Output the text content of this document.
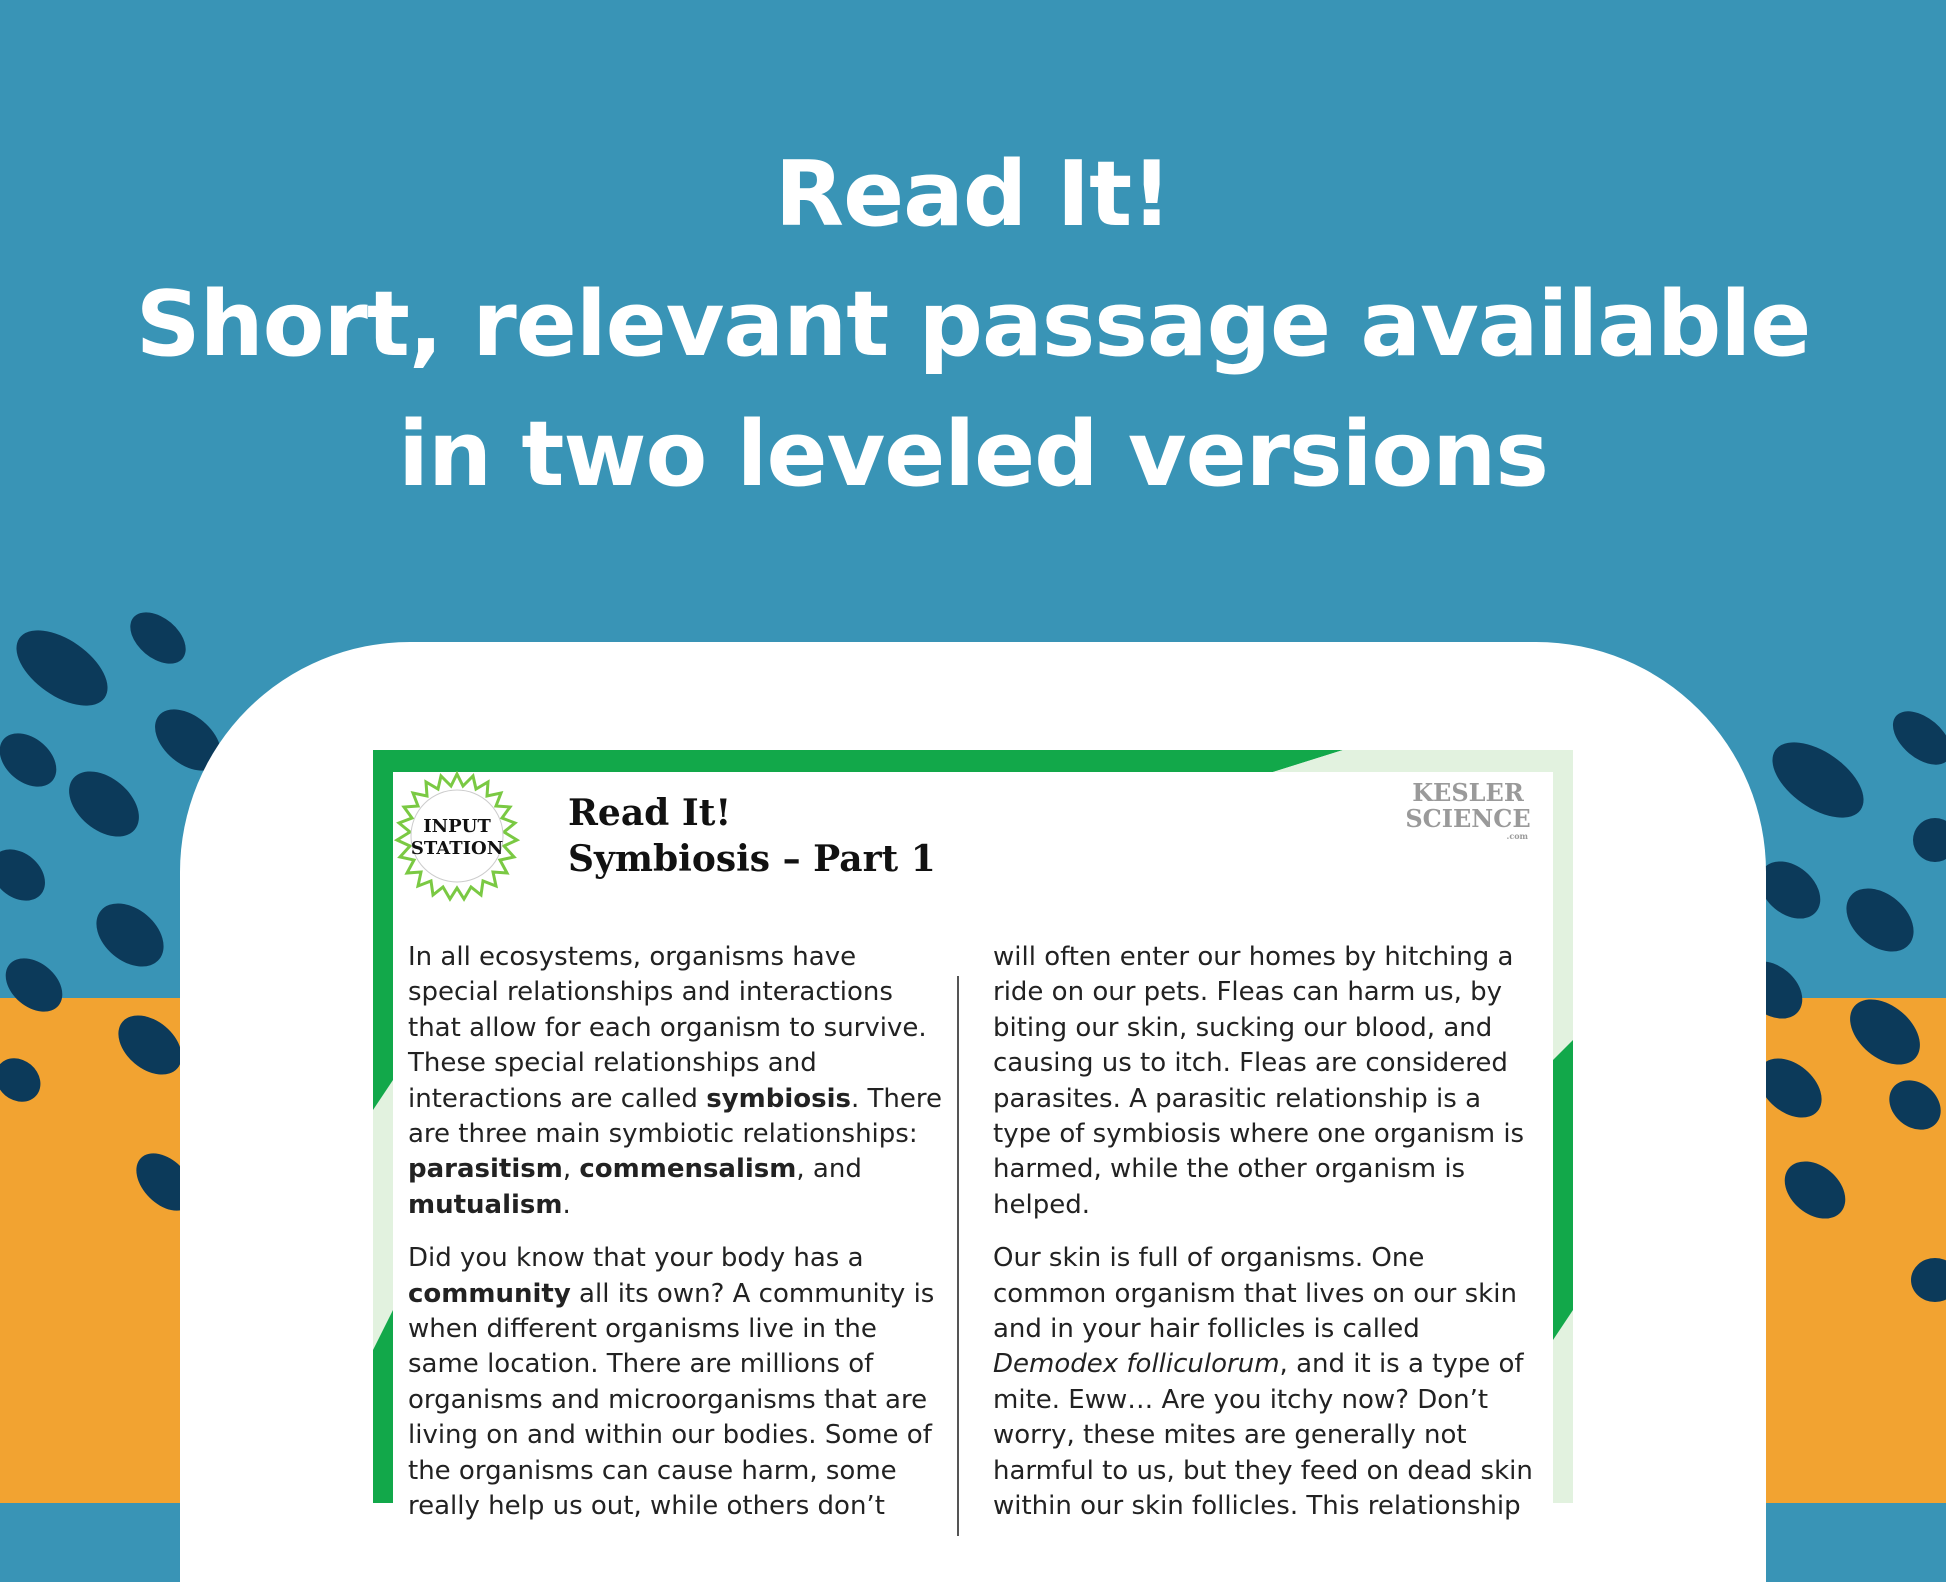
Read It!
Short, relevant passage available
in two leveled versions
INPUT
STATION
Read It!
Symbiosis – Part 1
KESLER
SCIENCE
.com
In all ecosystems, organisms have
special relationships and interactions
that allow for each organism to survive.
These special relationships and
interactions are called symbiosis. There
are three main symbiotic relationships:
parasitism, commensalism, and
mutualism.
Did you know that your body has a
community all its own? A community is
when different organisms live in the
same location. There are millions of
organisms and microorganisms that are
living on and within our bodies. Some of
the organisms can cause harm, some
really help us out, while others don’t
will often enter our homes by hitching a
ride on our pets. Fleas can harm us, by
biting our skin, sucking our blood, and
causing us to itch. Fleas are considered
parasites. A parasitic relationship is a
type of symbiosis where one organism is
harmed, while the other organism is
helped.
Our skin is full of organisms. One
common organism that lives on our skin
and in your hair follicles is called
Demodex folliculorum, and it is a type of
mite. Eww… Are you itchy now? Don’t
worry, these mites are generally not
harmful to us, but they feed on dead skin
within our skin follicles. This relationship
